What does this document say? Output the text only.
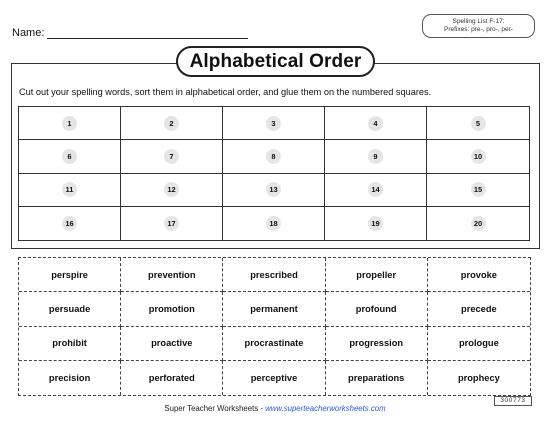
Name:
Spelling List F-17:
Prefixes: pre-, pro-, per-
Alphabetical Order
Cut out your spelling words, sort them in alphabetical order, and glue them on the numbered squares.
1	2	3	4	5
6	7	8	9	10
11	12	13	14	15
16	17	18	19	20
perspire	prevention	prescribed	propeller	provoke
persuade	promotion	permanent	profound	precede
prohibit	proactive	procrastinate	progression	prologue
precision	perforated	perceptive	preparations	prophecy
Super Teacher Worksheets - www.superteacherworksheets.com
300773
